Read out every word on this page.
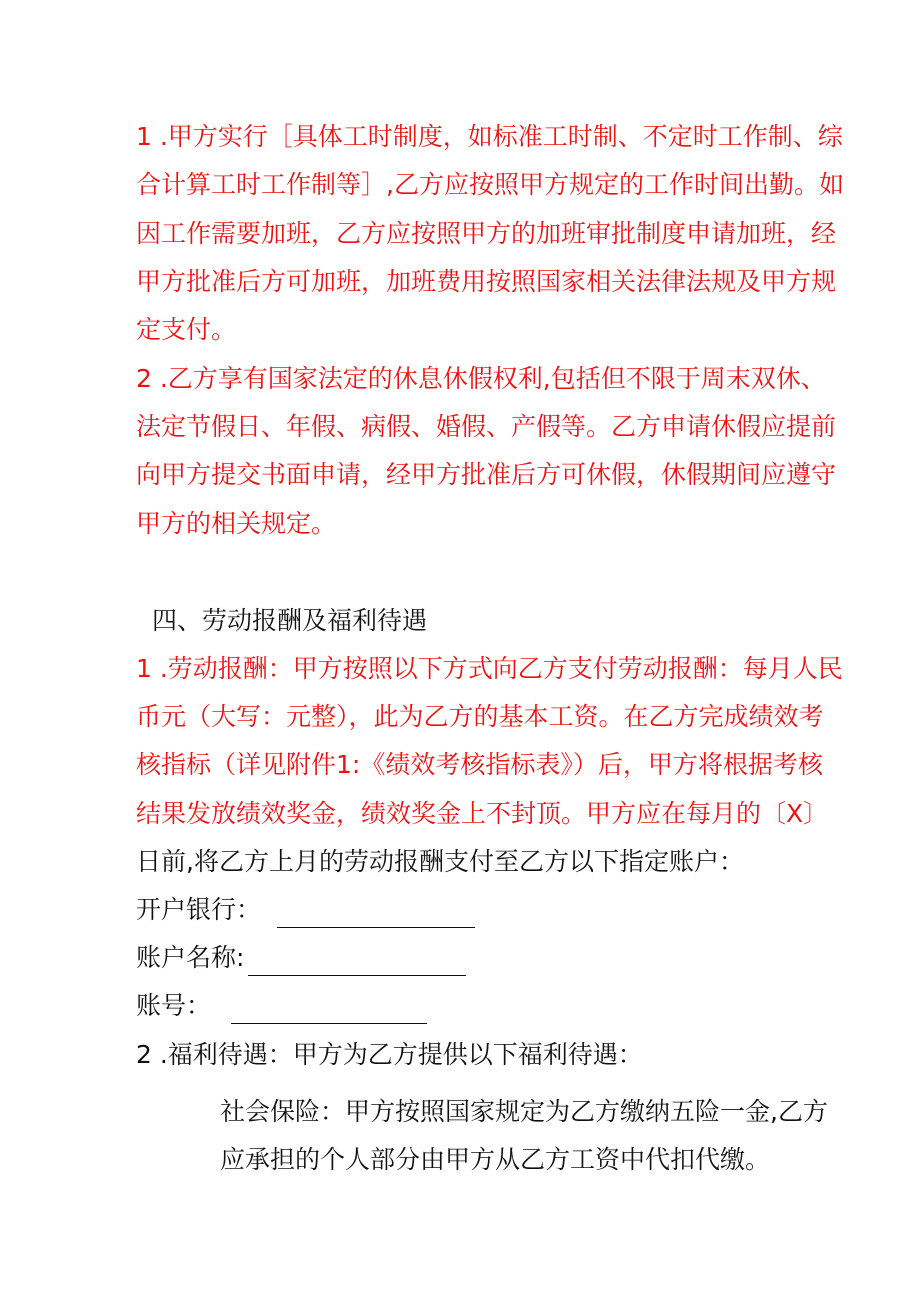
1 .甲方实行［具体工时制度，如标准工时制、不定时工作制、综

合计算工时工作制等］,乙方应按照甲方规定的工作时间出勤。如

因工作需要加班，乙方应按照甲方的加班审批制度申请加班，经

甲方批准后方可加班，加班费用按照国家相关法律法规及甲方规

定支付。

2 .乙方享有国家法定的休息休假权利,包括但不限于周末双休、

法定节假日、年假、病假、婚假、产假等。乙方申请休假应提前

向甲方提交书面申请，经甲方批准后方可休假，休假期间应遵守

甲方的相关规定。

四、劳动报酬及福利待遇

1 .劳动报酬：甲方按照以下方式向乙方支付劳动报酬：每月人民

币元（大写：元整），此为乙方的基本工资。在乙方完成绩效考

核指标（详见附件1:《绩效考核指标表》）后，甲方将根据考核

结果发放绩效奖金，绩效奖金上不封顶。甲方应在每月的〔X〕

日前,将乙方上月的劳动报酬支付至乙方以下指定账户：

开户银行：

账户名称:

账号：

2 .福利待遇：甲方为乙方提供以下福利待遇：

社会保险：甲方按照国家规定为乙方缴纳五险一金,乙方

应承担的个人部分由甲方从乙方工资中代扣代缴。
